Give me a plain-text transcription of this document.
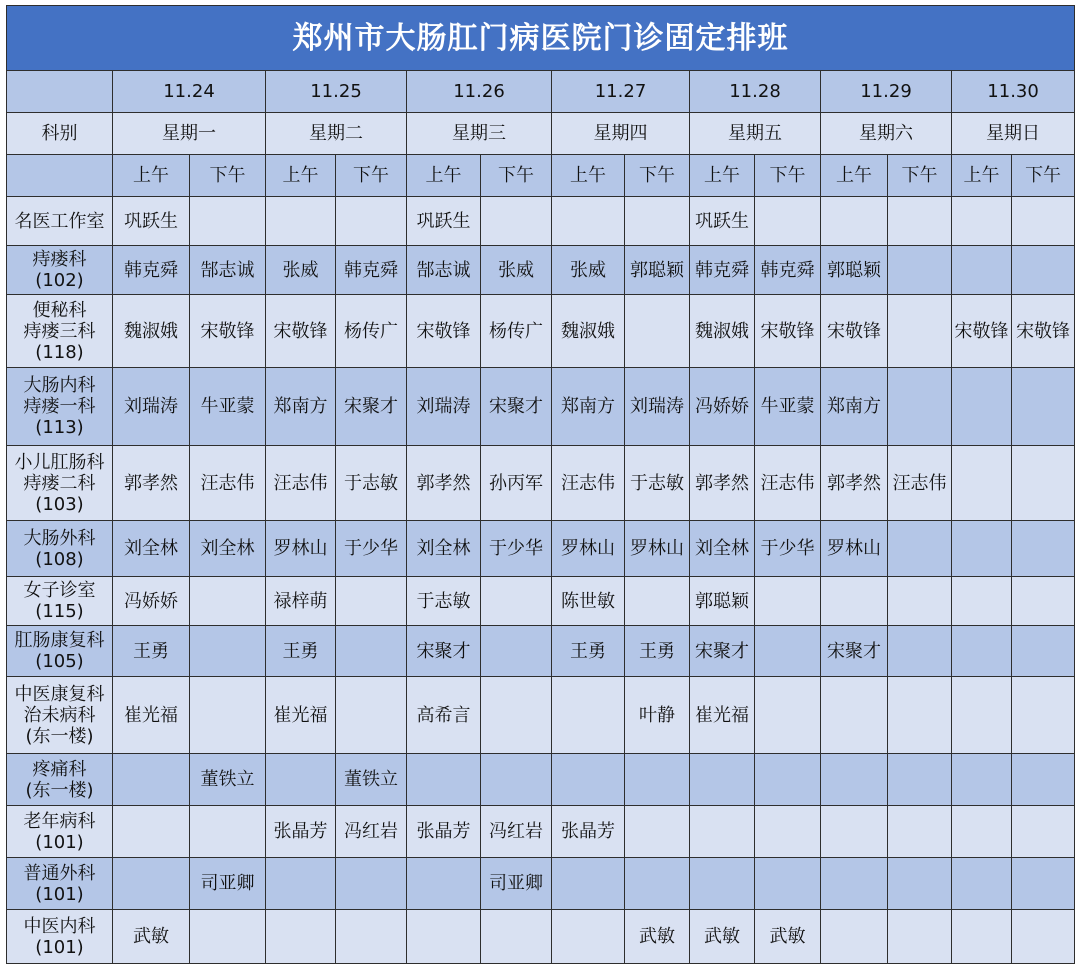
郑州市大肠肛门病医院门诊固定排班														
	11.24		11.25		11.26		11.27		11.28		11.29		11.30	
科别	星期一		星期二		星期三		星期四		星期五		星期六		星期日	
	上午	下午	上午	下午	上午	下午	上午	下午	上午	下午	上午	下午	上午	下午

名医工作室	巩跃生				巩跃生				巩跃生					

痔瘘科
(102)	韩克舜	郜志诚	张威	韩克舜	郜志诚	张威	张威	郭聪颖	韩克舜	韩克舜	郭聪颖			

便秘科
痔瘘三科
(118)	魏淑娥	宋敬锋	宋敬锋	杨传广	宋敬锋	杨传广	魏淑娥		魏淑娥	宋敬锋	宋敬锋		宋敬锋	宋敬锋

大肠内科
痔瘘一科
(113)	刘瑞涛	牛亚蒙	郑南方	宋聚才	刘瑞涛	宋聚才	郑南方	刘瑞涛	冯娇娇	牛亚蒙	郑南方			

小儿肛肠科
痔瘘二科
(103)	郭孝然	汪志伟	汪志伟	于志敏	郭孝然	孙丙军	汪志伟	于志敏	郭孝然	汪志伟	郭孝然	汪志伟		

大肠外科
(108)	刘全林	刘全林	罗林山	于少华	刘全林	于少华	罗林山	罗林山	刘全林	于少华	罗林山			

女子诊室
(115)	冯娇娇		禄梓萌		于志敏		陈世敏		郭聪颖					

肛肠康复科
(105)	王勇		王勇		宋聚才		王勇	王勇	宋聚才		宋聚才			

中医康复科
治未病科
(东一楼)	崔光福		崔光福		高希言			叶静	崔光福					

疼痛科
(东一楼)		董铁立		董铁立										

老年病科
(101)			张晶芳	冯红岩	张晶芳	冯红岩	张晶芳							

普通外科
(101)		司亚卿				司亚卿								

中医内科
(101)	武敏							武敏	武敏	武敏				
